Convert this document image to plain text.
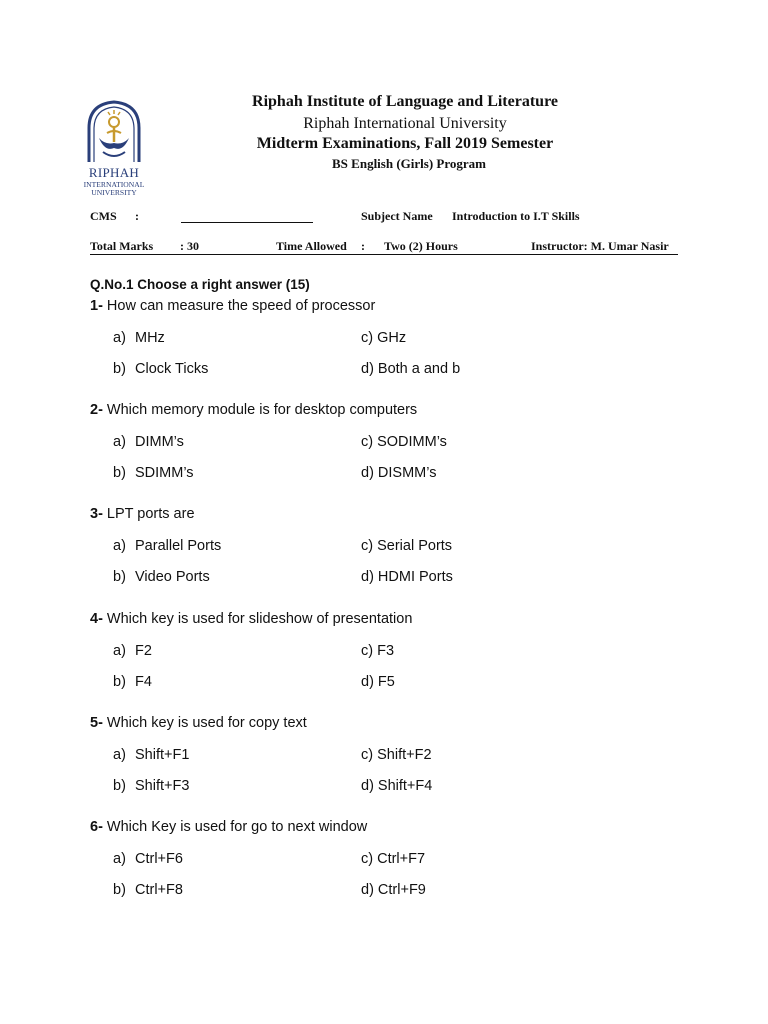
RIPHAH
INTERNATIONAL
UNIVERSITY
Riphah Institute of Language and Literature
Riphah International University
Midterm Examinations, Fall 2019 Semester
BS English (Girls) Program
CMS :	Subject Name Introduction to I.T Skills
Total Marks : 30	Time Allowed : Two (2) Hours	Instructor: M. Umar Nasir
Q.No.1 Choose a right answer (15)
1- How can measure the speed of processor
a) MHz	c) GHz
b) Clock Ticks	d) Both a and b
2- Which memory module is for desktop computers
a) DIMM’s	c) SODIMM’s
b) SDIMM’s	d) DISMM’s
3- LPT ports are
a) Parallel Ports	c) Serial Ports
b) Video Ports	d) HDMI Ports
4- Which key is used for slideshow of presentation
a) F2	c) F3
b) F4	d) F5
5- Which key is used for copy text
a) Shift+F1	c) Shift+F2
b) Shift+F3	d) Shift+F4
6- Which Key is used for go to next window
a) Ctrl+F6	c) Ctrl+F7
b) Ctrl+F8	d) Ctrl+F9
